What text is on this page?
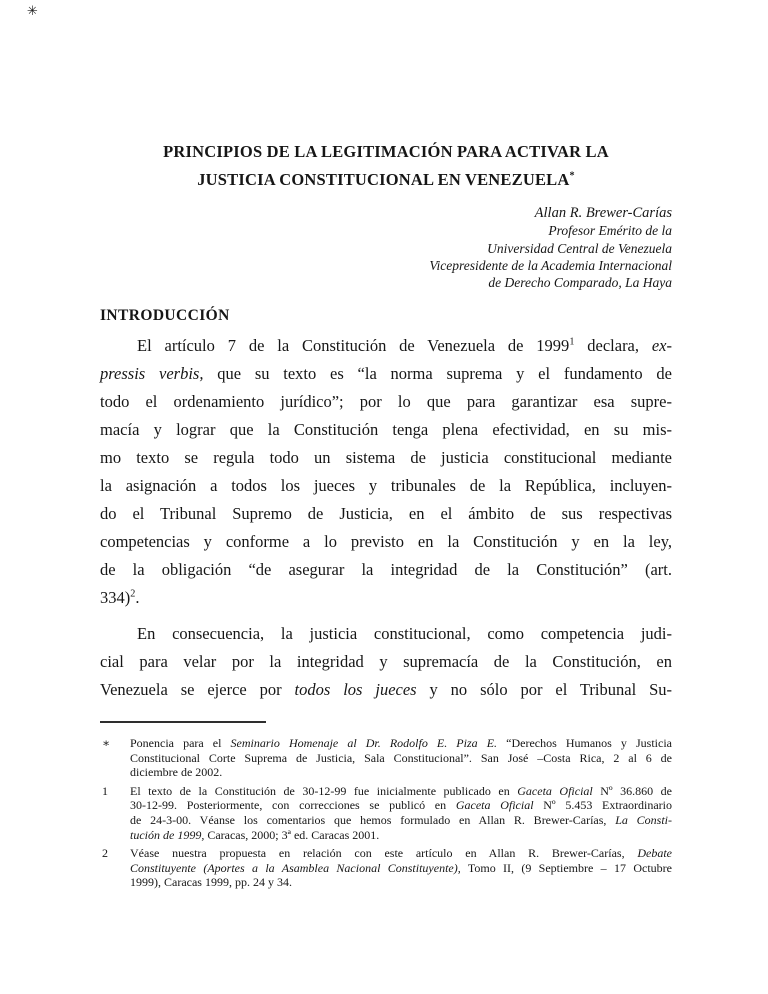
✳
PRINCIPIOS DE LA LEGITIMACIÓN PARA ACTIVAR LA
JUSTICIA CONSTITUCIONAL EN VENEZUELA*
Allan R. Brewer-Carías
Profesor Emérito de la
Universidad Central de Venezuela
Vicepresidente de la Academia Internacional
de Derecho Comparado, La Haya
INTRODUCCIÓN
El artículo 7 de la Constitución de Venezuela de 1999$^1$ declara, ex-
pressis verbis, que su texto es “la norma suprema y el fundamento de
todo el ordenamiento jurídico”; por lo que para garantizar esa supre-
macía y lograr que la Constitución tenga plena efectividad, en su mis-
mo texto se regula todo un sistema de justicia constitucional mediante
la asignación a todos los jueces y tribunales de la República, incluyen-
do el Tribunal Supremo de Justicia, en el ámbito de sus respectivas
competencias y conforme a lo previsto en la Constitución y en la ley,
de la obligación “de asegurar la integridad de la Constitución” (art.
334)$^2$.
En consecuencia, la justicia constitucional, como competencia judi-
cial para velar por la integridad y supremacía de la Constitución, en
Venezuela se ejerce por todos los jueces y no sólo por el Tribunal Su-
∗ Ponencia para el Seminario Homenaje al Dr. Rodolfo E. Piza E. “Derechos Humanos y Justicia
Constitucional Corte Suprema de Justicia, Sala Constitucional”. San José –Costa Rica, 2 al 6 de
diciembre de 2002.
1 El texto de la Constitución de 30-12-99 fue inicialmente publicado en Gaceta Oficial Nº 36.860 de
30-12-99. Posteriormente, con correcciones se publicó en Gaceta Oficial Nº 5.453 Extraordinario
de 24-3-00. Véanse los comentarios que hemos formulado en Allan R. Brewer-Carías, La Consti-
tución de 1999, Caracas, 2000; 3ª ed. Caracas 2001.
2 Véase nuestra propuesta en relación con este artículo en Allan R. Brewer-Carías, Debate
Constituyente (Aportes a la Asamblea Nacional Constituyente), Tomo II, (9 Septiembre – 17 Octubre
1999), Caracas 1999, pp. 24 y 34.
